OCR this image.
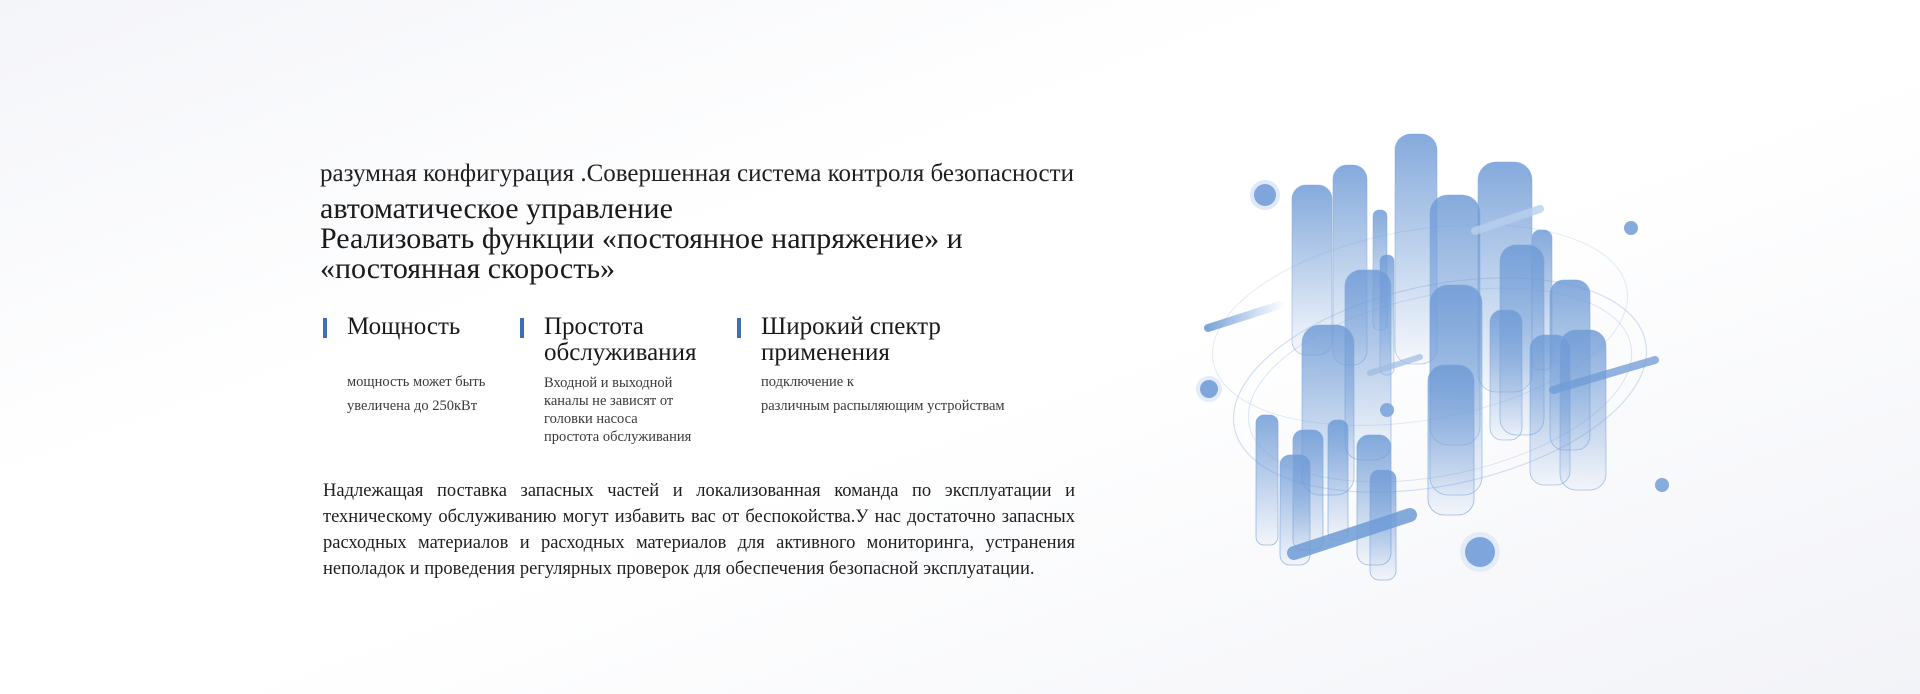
разумная конфигурация .Совершенная система контроля безопасности
автоматическое управление
Реализовать функции «постоянное напряжение» и
«постоянная скорость»
Мощность
мощность может быть
увеличена до 250кВт
Простота
обслуживания
Входной и выходной
каналы не зависят от
головки насоса
простота обслуживания
Широкий спектр
применения
подключение к
различным распыляющим устройствам

Надлежащая поставка запасных частей и локализованная команда по эксплуатации и техническому обслуживанию могут избавить вас от беспокойства.У нас достаточно запасных расходных материалов и расходных материалов для активного мониторинга, устранения неполадок и проведения регулярных проверок для обеспечения безопасной эксплуатации.
